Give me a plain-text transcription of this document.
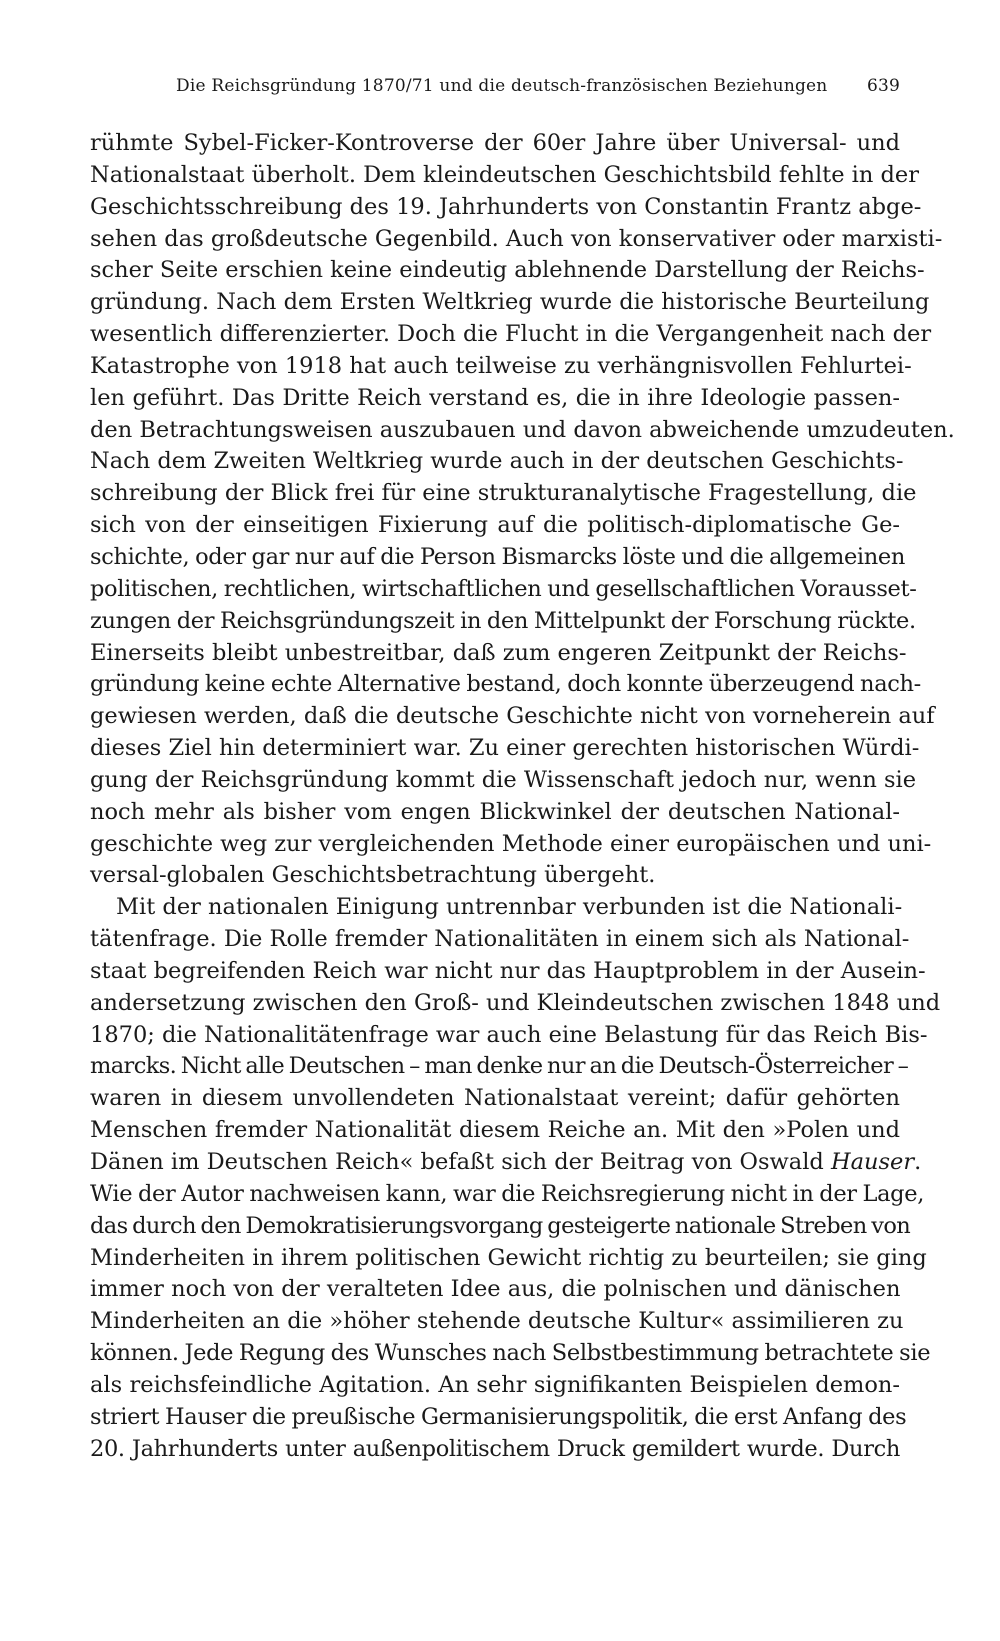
Die Reichsgründung 1870/71 und die deutsch-französischen Beziehungen 639
rühmte Sybel-Ficker-Kontroverse der 60er Jahre über Universal- und
Nationalstaat überholt. Dem kleindeutschen Geschichtsbild fehlte in der
Geschichtsschreibung des 19. Jahrhunderts von Constantin Frantz abge-
sehen das großdeutsche Gegenbild. Auch von konservativer oder marxisti-
scher Seite erschien keine eindeutig ablehnende Darstellung der Reichs-
gründung. Nach dem Ersten Weltkrieg wurde die historische Beurteilung
wesentlich differenzierter. Doch die Flucht in die Vergangenheit nach der
Katastrophe von 1918 hat auch teilweise zu verhängnisvollen Fehlurtei-
len geführt. Das Dritte Reich verstand es, die in ihre Ideologie passen-
den Betrachtungsweisen auszubauen und davon abweichende umzudeuten.
Nach dem Zweiten Weltkrieg wurde auch in der deutschen Geschichts-
schreibung der Blick frei für eine strukturanalytische Fragestellung, die
sich von der einseitigen Fixierung auf die politisch-diplomatische Ge-
schichte, oder gar nur auf die Person Bismarcks löste und die allgemeinen
politischen, rechtlichen, wirtschaftlichen und gesellschaftlichen Vorausset-
zungen der Reichsgründungszeit in den Mittelpunkt der Forschung rückte.
Einerseits bleibt unbestreitbar, daß zum engeren Zeitpunkt der Reichs-
gründung keine echte Alternative bestand, doch konnte überzeugend nach-
gewiesen werden, daß die deutsche Geschichte nicht von vorneherein auf
dieses Ziel hin determiniert war. Zu einer gerechten historischen Würdi-
gung der Reichsgründung kommt die Wissenschaft jedoch nur, wenn sie
noch mehr als bisher vom engen Blickwinkel der deutschen National-
geschichte weg zur vergleichenden Methode einer europäischen und uni-
versal-globalen Geschichtsbetrachtung übergeht.
Mit der nationalen Einigung untrennbar verbunden ist die Nationali-
tätenfrage. Die Rolle fremder Nationalitäten in einem sich als National-
staat begreifenden Reich war nicht nur das Hauptproblem in der Ausein-
andersetzung zwischen den Groß- und Kleindeutschen zwischen 1848 und
1870; die Nationalitätenfrage war auch eine Belastung für das Reich Bis-
marcks. Nicht alle Deutschen – man denke nur an die Deutsch-Österreicher –
waren in diesem unvollendeten Nationalstaat vereint; dafür gehörten
Menschen fremder Nationalität diesem Reiche an. Mit den »Polen und
Dänen im Deutschen Reich« befaßt sich der Beitrag von Oswald Hauser.
Wie der Autor nachweisen kann, war die Reichsregierung nicht in der Lage,
das durch den Demokratisierungsvorgang gesteigerte nationale Streben von
Minderheiten in ihrem politischen Gewicht richtig zu beurteilen; sie ging
immer noch von der veralteten Idee aus, die polnischen und dänischen
Minderheiten an die »höher stehende deutsche Kultur« assimilieren zu
können. Jede Regung des Wunsches nach Selbstbestimmung betrachtete sie
als reichsfeindliche Agitation. An sehr signifikanten Beispielen demon-
striert Hauser die preußische Germanisierungspolitik, die erst Anfang des
20. Jahrhunderts unter außenpolitischem Druck gemildert wurde. Durch
